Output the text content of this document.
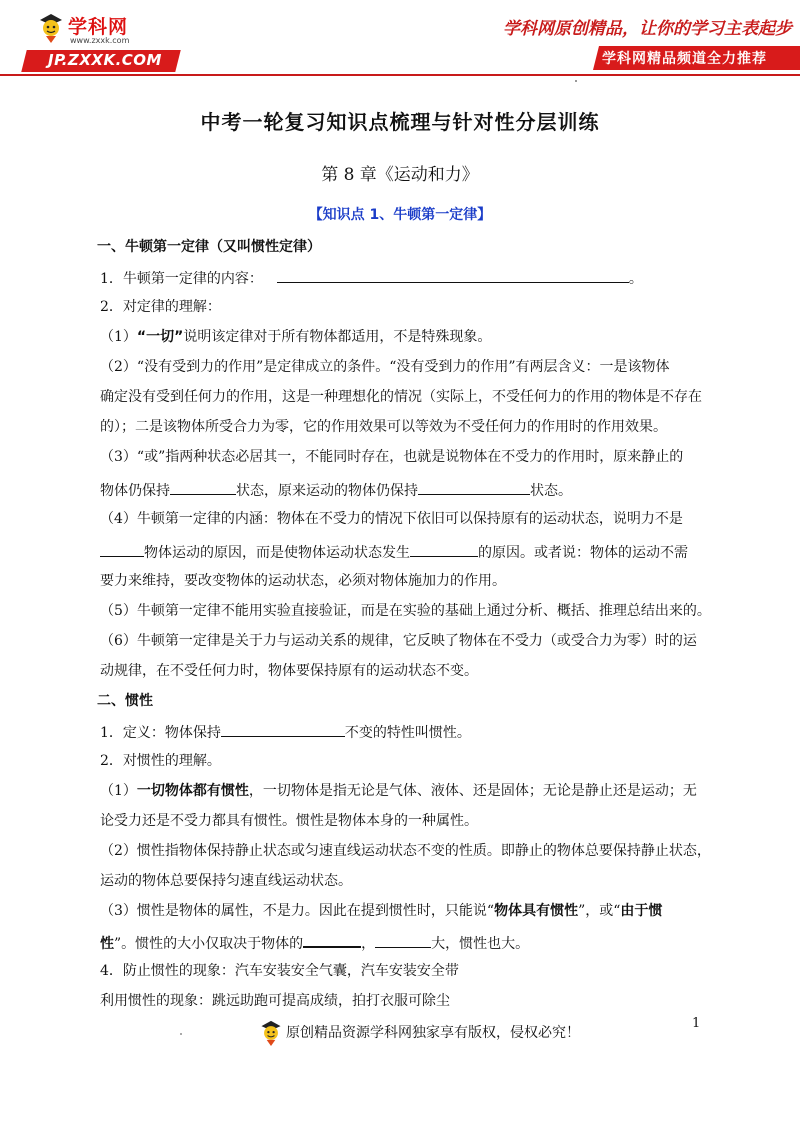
学科网
www.zxxk.com
JP.ZXXK.COM
学科网原创精品，让你的学习主表起步
学科网精品频道全力推荐
中考一轮复习知识点梳理与针对性分层训练
第 8 章《运动和力》
【知识点 1、牛顿第一定律】
一、牛顿第一定律（又叫惯性定律）
1．牛顿第一定律的内容：	。
2．对定律的理解：
（1）“一切”说明该定律对于所有物体都适用，不是特殊现象。
（2）“没有受到力的作用”是定律成立的条件。“没有受到力的作用”有两层含义：一是该物体
确定没有受到任何力的作用，这是一种理想化的情况（实际上，不受任何力的作用的物体是不存在
的）；二是该物体所受合力为零，它的作用效果可以等效为不受任何力的作用时的作用效果。
（3）“或”指两种状态必居其一，不能同时存在，也就是说物体在不受力的作用时，原来静止的
物体仍保持	状态，原来运动的物体仍保持	状态。
（4）牛顿第一定律的内涵：物体在不受力的情况下依旧可以保持原有的运动状态，说明力不是
物体运动的原因，而是使物体运动状态发生	的原因。或者说：物体的运动不需
要力来维持，要改变物体的运动状态，必须对物体施加力的作用。
（5）牛顿第一定律不能用实验直接验证，而是在实验的基础上通过分析、概括、推理总结出来的。
（6）牛顿第一定律是关于力与运动关系的规律，它反映了物体在不受力（或受合力为零）时的运
动规律，在不受任何力时，物体要保持原有的运动状态不变。
二、惯性
1．定义：物体保持	不变的特性叫惯性。
2．对惯性的理解。
（1）一切物体都有惯性，一切物体是指无论是气体、液体、还是固体；无论是静止还是运动；无
论受力还是不受力都具有惯性。惯性是物体本身的一种属性。
（2）惯性指物体保持静止状态或匀速直线运动状态不变的性质。即静止的物体总要保持静止状态，
运动的物体总要保持匀速直线运动状态。
（3）惯性是物体的属性，不是力。因此在提到惯性时，只能说“物体具有惯性”，或“由于惯
性”。惯性的大小仅取决于物体的	，	大，惯性也大。
4．防止惯性的现象：汽车安装安全气囊，汽车安装安全带
利用惯性的现象：跳远助跑可提高成绩，拍打衣服可除尘
1
原创精品资源学科网独家享有版权，侵权必究！
